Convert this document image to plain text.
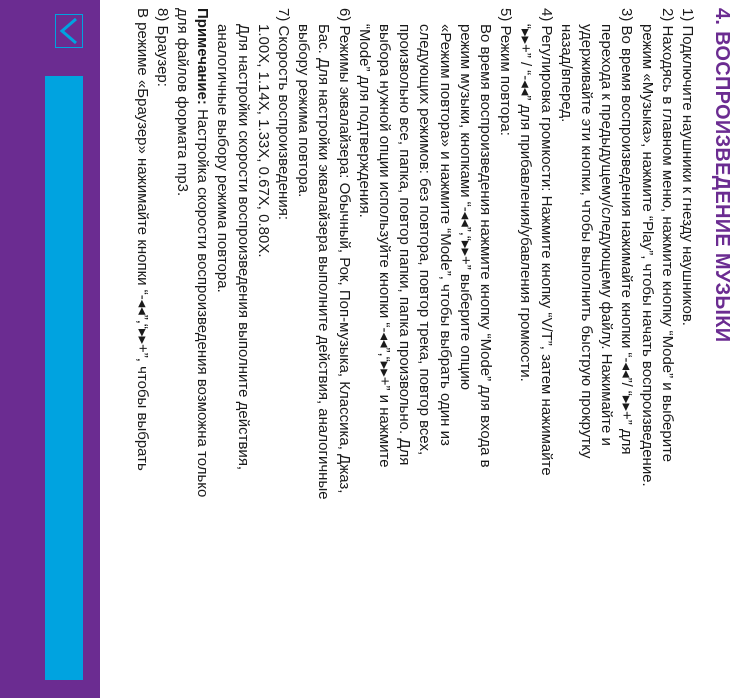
4. ВОСПРОИЗВЕДЕНИЕ МУЗЫКИ
1) Подключите наушники к гнезду наушников.
2) Находясь в главном меню, нажмите кнопку “Mode” и выберите
режим «Музыка», нажмите “Play”, чтобы начать воспроизведение.
3) Во время воспроизведения нажимайте кнопки “-◂◂”/ “▸▸+” для
перехода к предыдущему/следующему файлу. Нажимайте и
удерживайте эти кнопки, чтобы выполнить быструю прокрутку
назад/вперед.
4) Регулировка громкости: Нажмите кнопку “V/T”, затем нажимайте
“▸▸+” / “-◂◂” для прибавления/убавления громкости.
5) Режим повтора:
Во время воспроизведения нажмите кнопку “Mode” для входа в
режим музыки, кнопками “-◂◂”,“▸▸+” выберите опцию
«Режим повтора» и нажмите “Mode”, чтобы выбрать один из
следующих режимов: без повтора, повтор трека, повтор всех,
произвольно все, папка, повтор папки, папка произвольно. Для
выбора нужной опции используйте кнопки “-◂◂”,“▸▸+” и нажмите
“Mode” для подтверждения.
6) Режимы эквалайзера: Обычный, Рок, Поп-музыка, Классика, Джаз,
Бас. Для настройки эквалайзера выполните действия, аналогичные
выбору режима повтора.
7) Скорость воспроизведения:
1.00X, 1.14X, 1.33X, 0.67X, 0.80X.
Для настройки скорости воспроизведения выполните действия,
аналогичные выбору режима повтора.
Примечание: Настройка скорости воспроизведения возможна только
для файлов формата mp3.
8) Браузер:
В режиме «Браузер» нажимайте кнопки “-◂◂”,“▸▸+”, чтобы выбрать
